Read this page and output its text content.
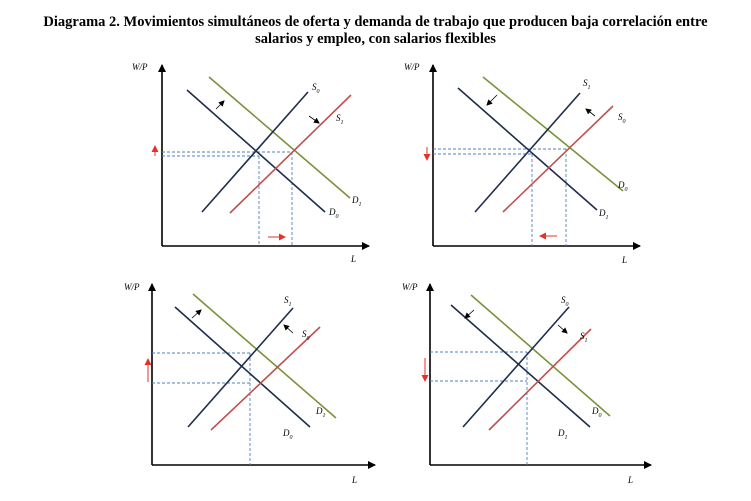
Diagrama 2. Movimientos simultáneos de oferta y demanda de trabajo que producen baja correlación entre
salarios y empleo, con salarios flexibles
W/P
L
$S_0$
$S_1$
$D_1$
$D_0$
W/P
L
$S_1$
$S_0$
$D_0$
$D_1$
W/P
L
$S_1$
$S_0$
$D_1$
$D_0$
W/P
L
$S_0$
$S_1$
$D_0$
$D_1$
